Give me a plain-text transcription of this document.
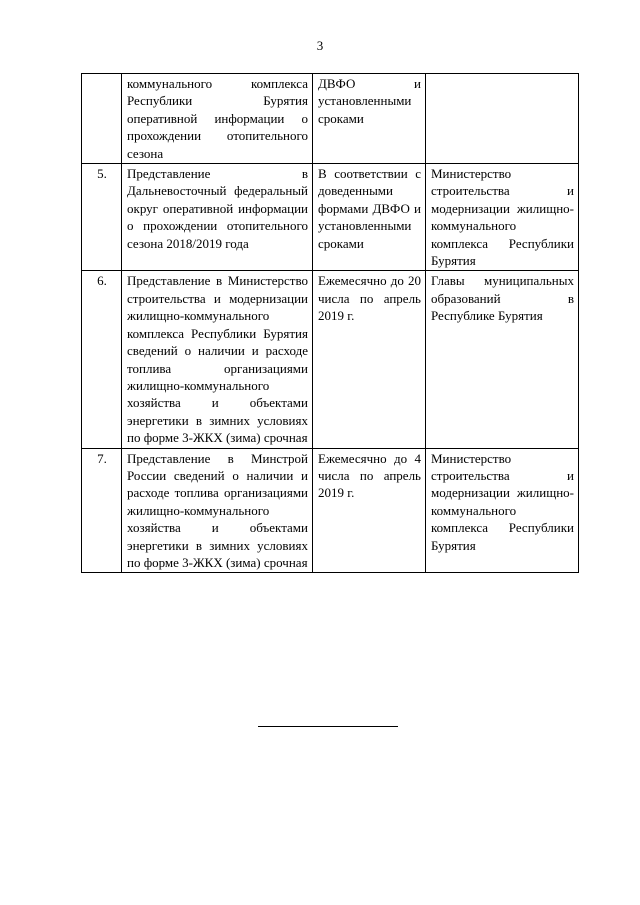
3
	коммунального комплекса Республики Бурятия оперативной информации о прохождении отопительного сезона	ДВФО и установленными сроками	
5.	Представление в Дальневосточный федеральный округ оперативной информации о прохождении отопительного сезона 2018/2019 года	В соответствии с доведенными формами ДВФО и установленными сроками	Министерство строительства и модернизации жилищно-коммунального комплекса Республики Бурятия
6.	Представление в Министерство строительства и модернизации жилищно-коммунального комплекса Республики Бурятия сведений о наличии и расходе топлива организациями жилищно-коммунального хозяйства и объектами энергетики в зимних условиях по форме 3-ЖКХ (зима) срочная	Ежемесячно до 20 числа по апрель 2019 г.	Главы муниципальных образований в Республике Бурятия
7.	Представление в Минстрой России сведений о наличии и расходе топлива организациями жилищно-коммунального хозяйства и объектами энергетики в зимних условиях по форме 3-ЖКХ (зима) срочная	Ежемесячно до 4 числа по апрель 2019 г.	Министерство строительства и модернизации жилищно-коммунального комплекса Республики Бурятия
